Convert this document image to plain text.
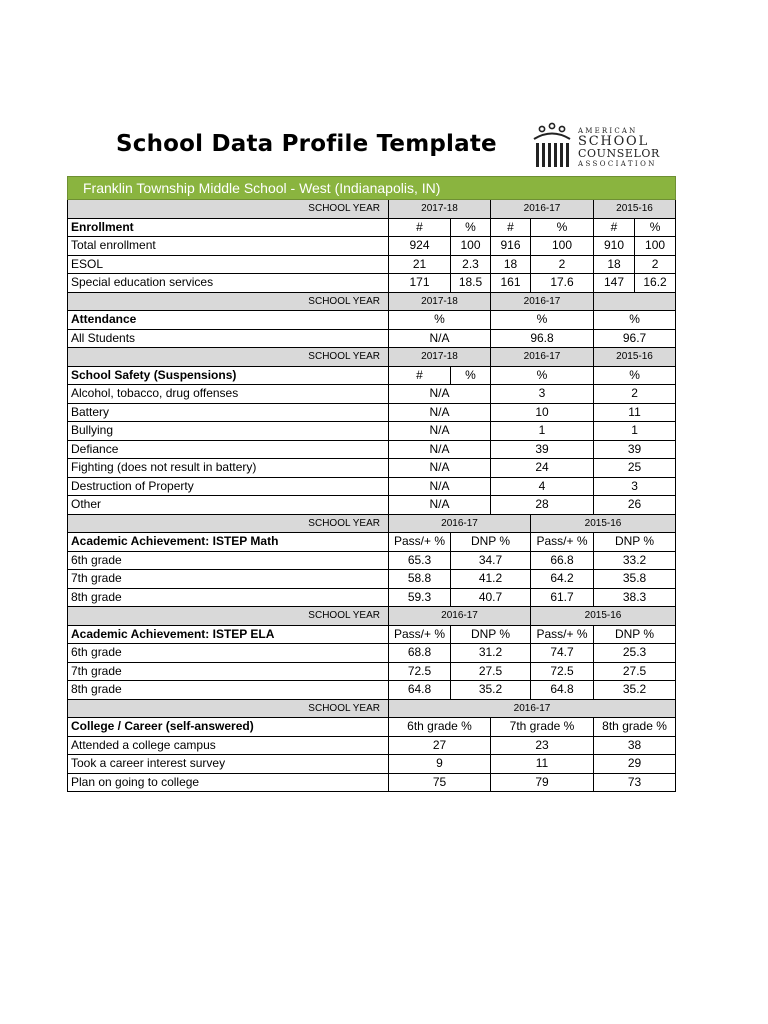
School Data Profile Template	AMERICAN
SCHOOL
COUNSELOR
ASSOCIATION
Franklin Township Middle School - West (Indianapolis, IN)						
SCHOOL YEAR	2017-18		2016-17		2015-16	
Enrollment	#	%	#	%	#	%
Total enrollment	924	100	916	100	910	100
ESOL	21	2.3	18	2	18	2
Special education services	171	18.5	161	17.6	147	16.2
SCHOOL YEAR	2017-18		2016-17			
Attendance	%		%		%	
All Students	N/A		96.8		96.7	
SCHOOL YEAR	2017-18		2016-17		2015-16	
School Safety (Suspensions)	#	%	%		%	
Alcohol, tobacco, drug offenses	N/A		3		2	
Battery	N/A		10		11	
Bullying	N/A		1		1	
Defiance	N/A		39		39	
Fighting (does not result in battery)	N/A		24		25	
Destruction of Property	N/A		4		3	
Other	N/A		28		26	
SCHOOL YEAR	2016-17			2015-16		
Academic Achievement: ISTEP Math	Pass/+ %	DNP %		Pass/+ %	DNP %	
6th grade	65.3	34.7		66.8	33.2	
7th grade	58.8	41.2		64.2	35.8	
8th grade	59.3	40.7		61.7	38.3	
SCHOOL YEAR	2016-17			2015-16		
Academic Achievement: ISTEP ELA	Pass/+ %	DNP %		Pass/+ %	DNP %	
6th grade	68.8	31.2		74.7	25.3	
7th grade	72.5	27.5		72.5	27.5	
8th grade	64.8	35.2		64.8	35.2	
SCHOOL YEAR	2016-17					
College / Career (self-answered)	6th grade %		7th grade %		8th grade %	
Attended a college campus	27		23		38	
Took a career interest survey	9		11		29	
Plan on going to college	75		79		73	
